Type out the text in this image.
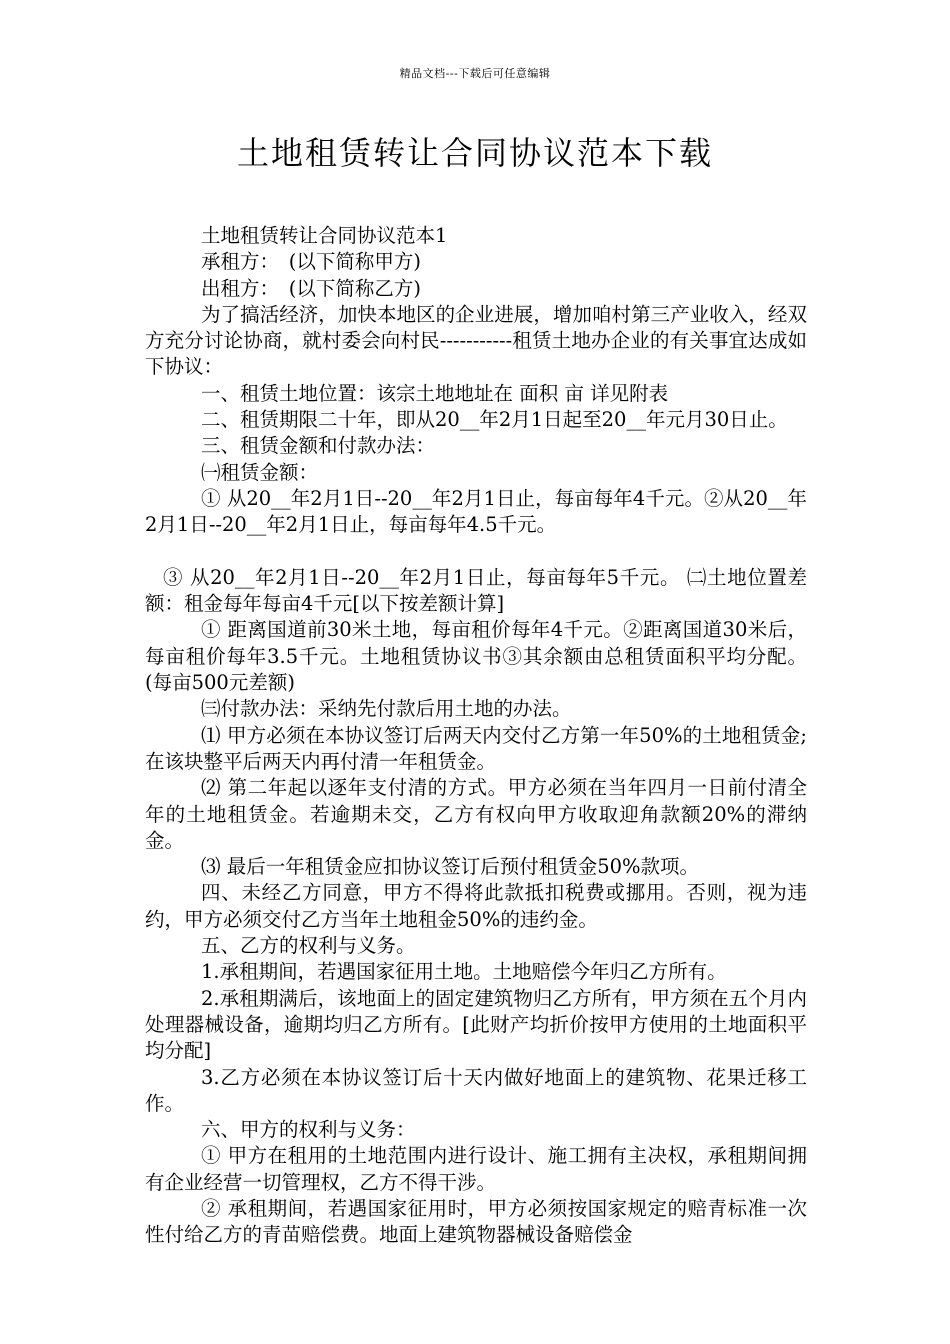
精品文档---下载后可任意编辑
土地租赁转让合同协议范本下载

土地租赁转让合同协议范本1

承租方：　(以下简称甲方)

出租方：　(以下简称乙方)

为了搞活经济，加快本地区的企业进展，增加咱村第三产业收入，经双方充分讨论协商，就村委会向村民-----------租赁土地办企业的有关事宜达成如下协议：

一、租赁土地位置：该宗土地地址在 面积 亩 详见附表

二、租赁期限二十年，即从20__年2月1日起至20__年元月30日止。

三、租赁金额和付款办法：

㈠租赁金额：

① 从20__年2月1日--20__年2月1日止，每亩每年4千元。②从20__年2月1日--20__年2月1日止，每亩每年4.5千元。

③ 从20__年2月1日--20__年2月1日止，每亩每年5千元。 ㈡土地位置差额：租金每年每亩4千元[以下按差额计算]

① 距离国道前30米土地，每亩租价每年4千元。②距离国道30米后，每亩租价每年3.5千元。土地租赁协议书③其余额由总租赁面积平均分配。(每亩500元差额)

㈢付款办法：采纳先付款后用土地的办法。

⑴ 甲方必须在本协议签订后两天内交付乙方第一年50%的土地租赁金;在该块整平后两天内再付清一年租赁金。

⑵ 第二年起以逐年支付清的方式。甲方必须在当年四月一日前付清全年的土地租赁金。若逾期未交，乙方有权向甲方收取迎角款额20%的滞纳金。

⑶ 最后一年租赁金应扣协议签订后预付租赁金50%款项。

四、未经乙方同意，甲方不得将此款抵扣税费或挪用。否则，视为违约，甲方必须交付乙方当年土地租金50%的违约金。

五、乙方的权利与义务。

1.承租期间，若遇国家征用土地。土地赔偿今年归乙方所有。

2.承租期满后，该地面上的固定建筑物归乙方所有，甲方须在五个月内处理器械设备，逾期均归乙方所有。[此财产均折价按甲方使用的土地面积平均分配]

3.乙方必须在本协议签订后十天内做好地面上的建筑物、花果迁移工作。

六、甲方的权利与义务：

① 甲方在租用的土地范围内进行设计、施工拥有主决权，承租期间拥有企业经营一切管理权，乙方不得干涉。

② 承租期间，若遇国家征用时，甲方必须按国家规定的赔青标准一次性付给乙方的青苗赔偿费。地面上建筑物器械设备赔偿金
